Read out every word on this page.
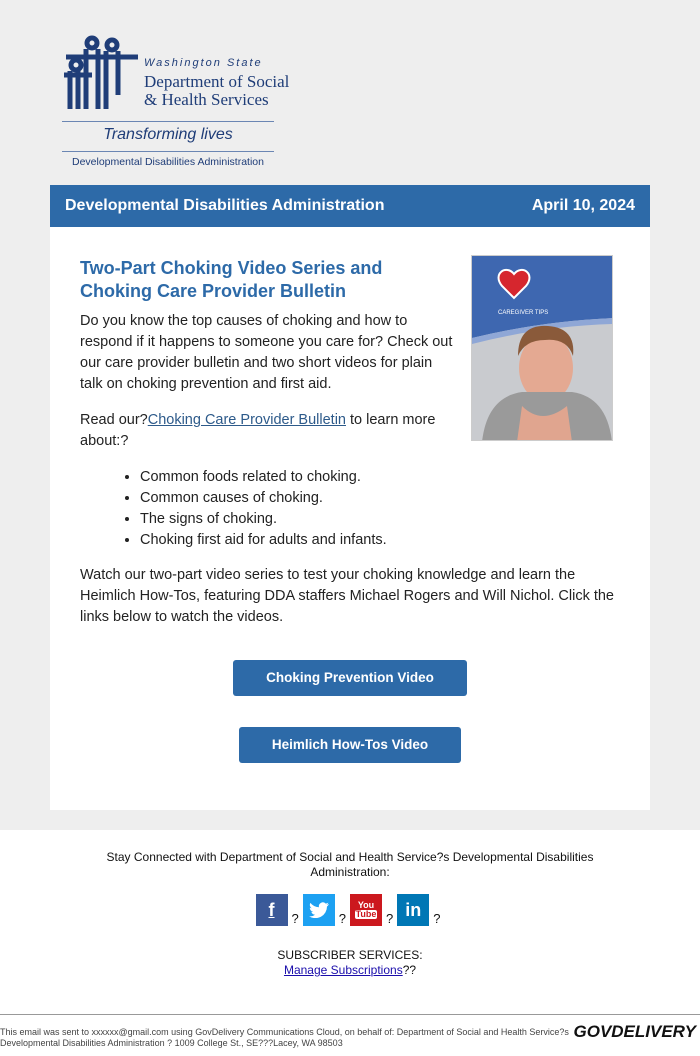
Washington State
Department of Social
& Health Services
Transforming lives
Developmental Disabilities Administration
Developmental Disabilities Administration	April 10, 2024
CAREGIVER TIPS
Two-Part Choking Video Series and Choking Care Provider Bulletin

Do you know the top causes of choking and how to respond if it happens to someone you care for? Check out our care provider bulletin and two short videos for plain talk on choking prevention and first aid.

Read our?Choking Care Provider Bulletin to learn more about:?

• Common foods related to choking.
• Common causes of choking.
• The signs of choking.
• Choking first aid for adults and infants.

Watch our two-part video series to test your choking knowledge and learn the Heimlich How-Tos, featuring DDA staffers Michael Rogers and Will Nichol. Click the links below to watch the videos.

Choking Prevention Video
Heimlich How-Tos Video
Stay Connected with Department of Social and Health Service?s Developmental Disabilities Administration:
f ?	?
You
Tube ? in ?
SUBSCRIBER SERVICES:
Manage Subscriptions??
This email was sent to xxxxxx@gmail.com using GovDelivery Communications Cloud, on behalf of: Department of Social and Health Service?s Developmental Disabilities Administration ? 1009 College St., SE???Lacey, WA 98503
GOVDELIVERY
